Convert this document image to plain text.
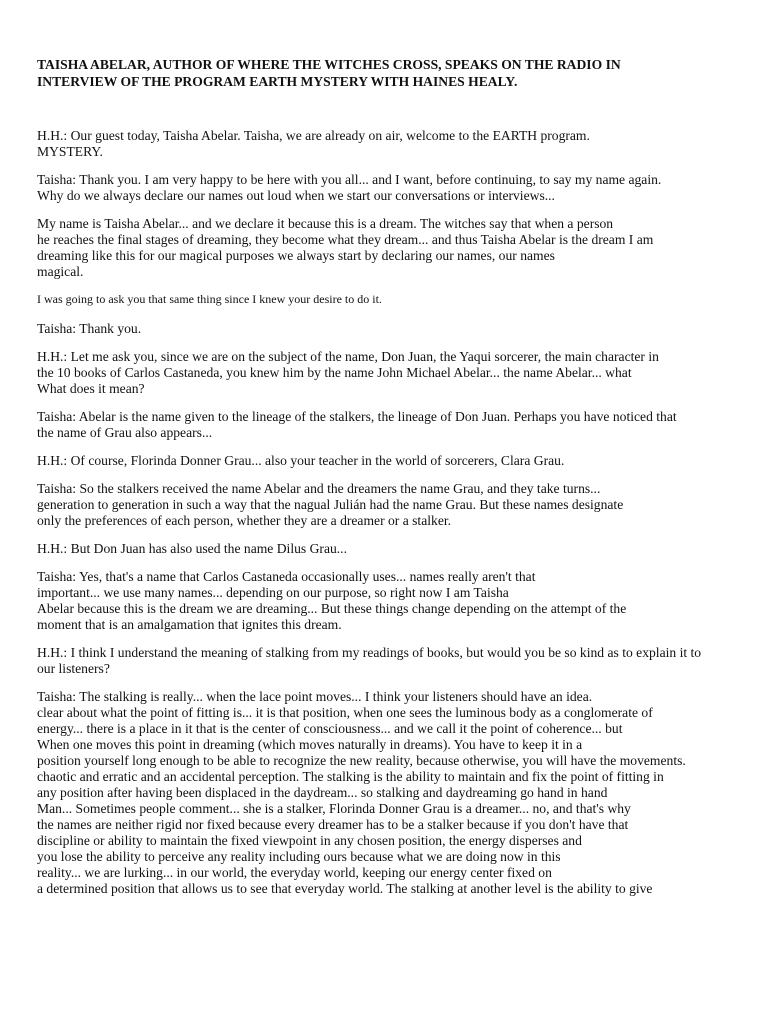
TAISHA ABELAR, AUTHOR OF WHERE THE WITCHES CROSS, SPEAKS ON THE RADIO IN
INTERVIEW OF THE PROGRAM EARTH MYSTERY WITH HAINES HEALY.
H.H.: Our guest today, Taisha Abelar. Taisha, we are already on air, welcome to the EARTH program.
MYSTERY.
Taisha: Thank you. I am very happy to be here with you all... and I want, before continuing, to say my name again.
Why do we always declare our names out loud when we start our conversations or interviews...
My name is Taisha Abelar... and we declare it because this is a dream. The witches say that when a person
he reaches the final stages of dreaming, they become what they dream... and thus Taisha Abelar is the dream I am
dreaming like this for our magical purposes we always start by declaring our names, our names
magical.
I was going to ask you that same thing since I knew your desire to do it.
Taisha: Thank you.
H.H.: Let me ask you, since we are on the subject of the name, Don Juan, the Yaqui sorcerer, the main character in
the 10 books of Carlos Castaneda, you knew him by the name John Michael Abelar... the name Abelar... what
What does it mean?
Taisha: Abelar is the name given to the lineage of the stalkers, the lineage of Don Juan. Perhaps you have noticed that
the name of Grau also appears...
H.H.: Of course, Florinda Donner Grau... also your teacher in the world of sorcerers, Clara Grau.
Taisha: So the stalkers received the name Abelar and the dreamers the name Grau, and they take turns...
generation to generation in such a way that the nagual Julián had the name Grau. But these names designate
only the preferences of each person, whether they are a dreamer or a stalker.
H.H.: But Don Juan has also used the name Dilus Grau...
Taisha: Yes, that's a name that Carlos Castaneda occasionally uses... names really aren't that
important... we use many names... depending on our purpose, so right now I am Taisha
Abelar because this is the dream we are dreaming... But these things change depending on the attempt of the
moment that is an amalgamation that ignites this dream.
H.H.: I think I understand the meaning of stalking from my readings of books, but would you be so kind as to explain it to
our listeners?
Taisha: The stalking is really... when the lace point moves... I think your listeners should have an idea.
clear about what the point of fitting is... it is that position, when one sees the luminous body as a conglomerate of
energy... there is a place in it that is the center of consciousness... and we call it the point of coherence... but
When one moves this point in dreaming (which moves naturally in dreams). You have to keep it in a
position yourself long enough to be able to recognize the new reality, because otherwise, you will have the movements.
chaotic and erratic and an accidental perception. The stalking is the ability to maintain and fix the point of fitting in
any position after having been displaced in the daydream... so stalking and daydreaming go hand in hand
Man... Sometimes people comment... she is a stalker, Florinda Donner Grau is a dreamer... no, and that's why
the names are neither rigid nor fixed because every dreamer has to be a stalker because if you don't have that
discipline or ability to maintain the fixed viewpoint in any chosen position, the energy disperses and
you lose the ability to perceive any reality including ours because what we are doing now in this
reality... we are lurking... in our world, the everyday world, keeping our energy center fixed on
a determined position that allows us to see that everyday world. The stalking at another level is the ability to give
